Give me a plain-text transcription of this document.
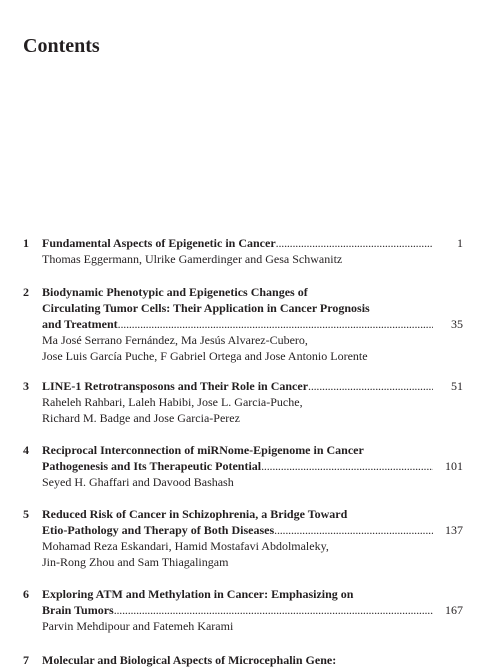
Contents
1 Fundamental Aspects of Epigenetic in Cancer . . .	1
Thomas Eggermann, Ulrike Gamerdinger and Gesa Schwanitz
2 Biodynamic Phenotypic and Epigenetics Changes of
Circulating Tumor Cells: Their Application in Cancer Prognosis
and Treatment . . .	35
Ma José Serrano Fernández, Ma Jesús Alvarez-Cubero,
Jose Luis García Puche, F Gabriel Ortega and Jose Antonio Lorente
3 LINE-1 Retrotransposons and Their Role in Cancer . . .	51
Raheleh Rahbari, Laleh Habibi, Jose L. Garcia-Puche,
Richard M. Badge and Jose Garcia-Perez
4 Reciprocal Interconnection of miRNome-Epigenome in Cancer
Pathogenesis and Its Therapeutic Potential . . .	101
Seyed H. Ghaffari and Davood Bashash
5 Reduced Risk of Cancer in Schizophrenia, a Bridge Toward
Etio-Pathology and Therapy of Both Diseases . . .	137
Mohamad Reza Eskandari, Hamid Mostafavi Abdolmaleky,
Jin-Rong Zhou and Sam Thiagalingam
6 Exploring ATM and Methylation in Cancer: Emphasizing on
Brain Tumors . . .	167
Parvin Mehdipour and Fatemeh Karami
7 Molecular and Biological Aspects of Microcephalin Gene:
